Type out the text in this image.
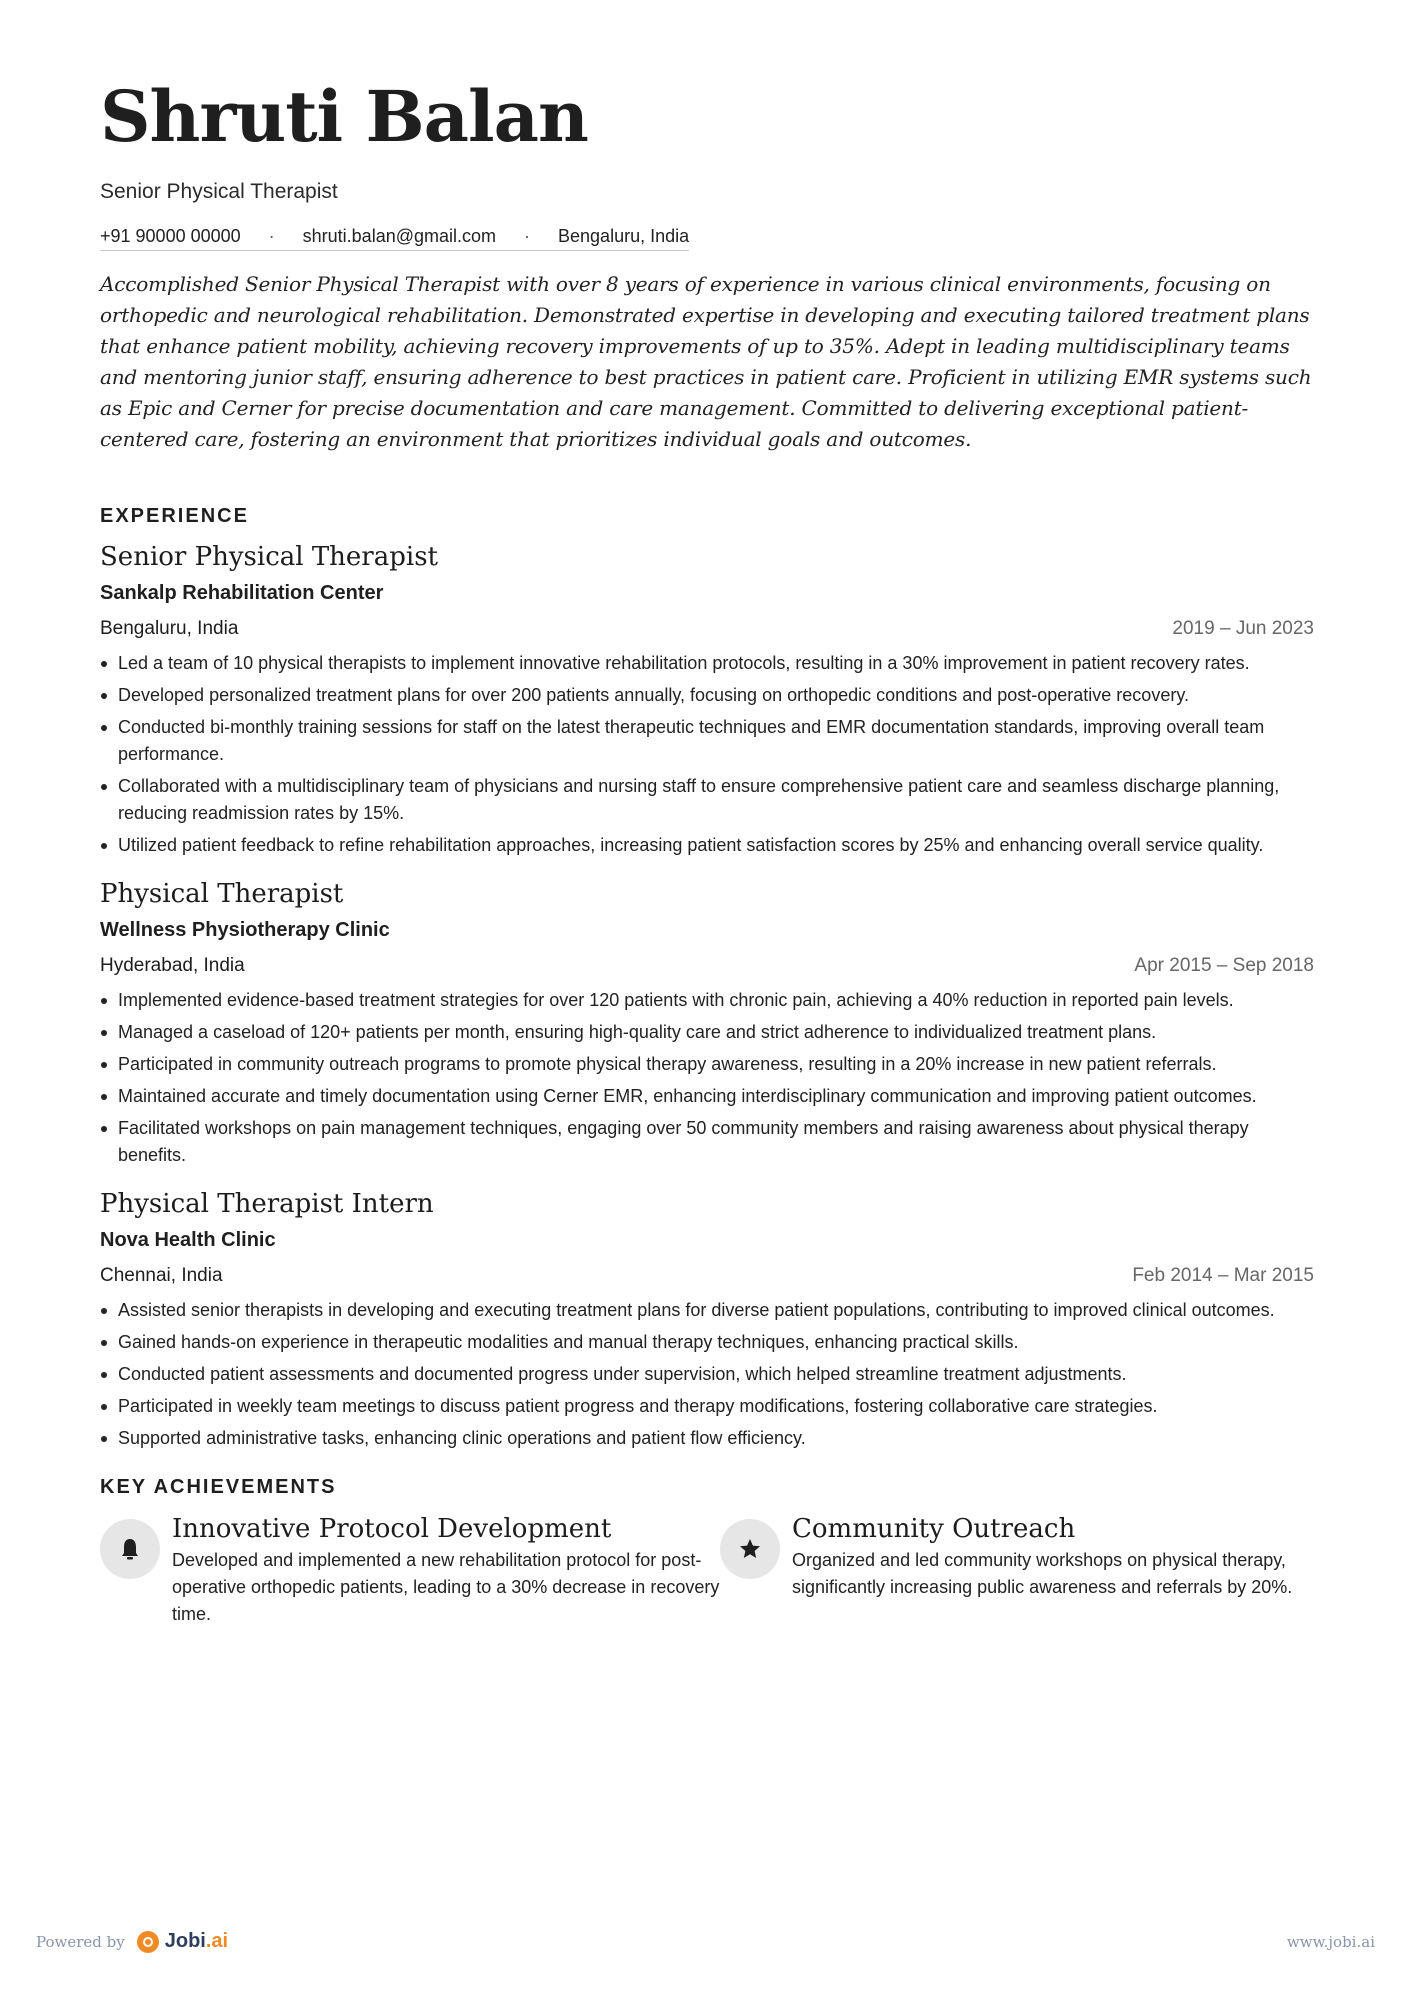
Shruti Balan
Senior Physical Therapist
+91 90000 00000 · shruti.balan@gmail.com · Bengaluru, India
Accomplished Senior Physical Therapist with over 8 years of experience in various clinical environments, focusing on orthopedic and neurological rehabilitation. Demonstrated expertise in developing and executing tailored treatment plans that enhance patient mobility, achieving recovery improvements of up to 35%. Adept in leading multidisciplinary teams and mentoring junior staff, ensuring adherence to best practices in patient care. Proficient in utilizing EMR systems such as Epic and Cerner for precise documentation and care management. Committed to delivering exceptional patient-centered care, fostering an environment that prioritizes individual goals and outcomes.
EXPERIENCE
Senior Physical Therapist
Sankalp Rehabilitation Center
Bengaluru, India	2019 – Jun 2023
Led a team of 10 physical therapists to implement innovative rehabilitation protocols, resulting in a 30% improvement in patient recovery rates.
Developed personalized treatment plans for over 200 patients annually, focusing on orthopedic conditions and post-operative recovery.
Conducted bi-monthly training sessions for staff on the latest therapeutic techniques and EMR documentation standards, improving overall team performance.
Collaborated with a multidisciplinary team of physicians and nursing staff to ensure comprehensive patient care and seamless discharge planning, reducing readmission rates by 15%.
Utilized patient feedback to refine rehabilitation approaches, increasing patient satisfaction scores by 25% and enhancing overall service quality.
Physical Therapist
Wellness Physiotherapy Clinic
Hyderabad, India	Apr 2015 – Sep 2018
Implemented evidence-based treatment strategies for over 120 patients with chronic pain, achieving a 40% reduction in reported pain levels.
Managed a caseload of 120+ patients per month, ensuring high-quality care and strict adherence to individualized treatment plans.
Participated in community outreach programs to promote physical therapy awareness, resulting in a 20% increase in new patient referrals.
Maintained accurate and timely documentation using Cerner EMR, enhancing interdisciplinary communication and improving patient outcomes.
Facilitated workshops on pain management techniques, engaging over 50 community members and raising awareness about physical therapy benefits.
Physical Therapist Intern
Nova Health Clinic
Chennai, India	Feb 2014 – Mar 2015
Assisted senior therapists in developing and executing treatment plans for diverse patient populations, contributing to improved clinical outcomes.
Gained hands-on experience in therapeutic modalities and manual therapy techniques, enhancing practical skills.
Conducted patient assessments and documented progress under supervision, which helped streamline treatment adjustments.
Participated in weekly team meetings to discuss patient progress and therapy modifications, fostering collaborative care strategies.
Supported administrative tasks, enhancing clinic operations and patient flow efficiency.
KEY ACHIEVEMENTS
Innovative Protocol Development
Developed and implemented a new rehabilitation protocol for post-operative orthopedic patients, leading to a 30% decrease in recovery time.
Community Outreach
Organized and led community workshops on physical therapy, significantly increasing public awareness and referrals by 20%.
Powered by Jobi .ai	www.jobi.ai
